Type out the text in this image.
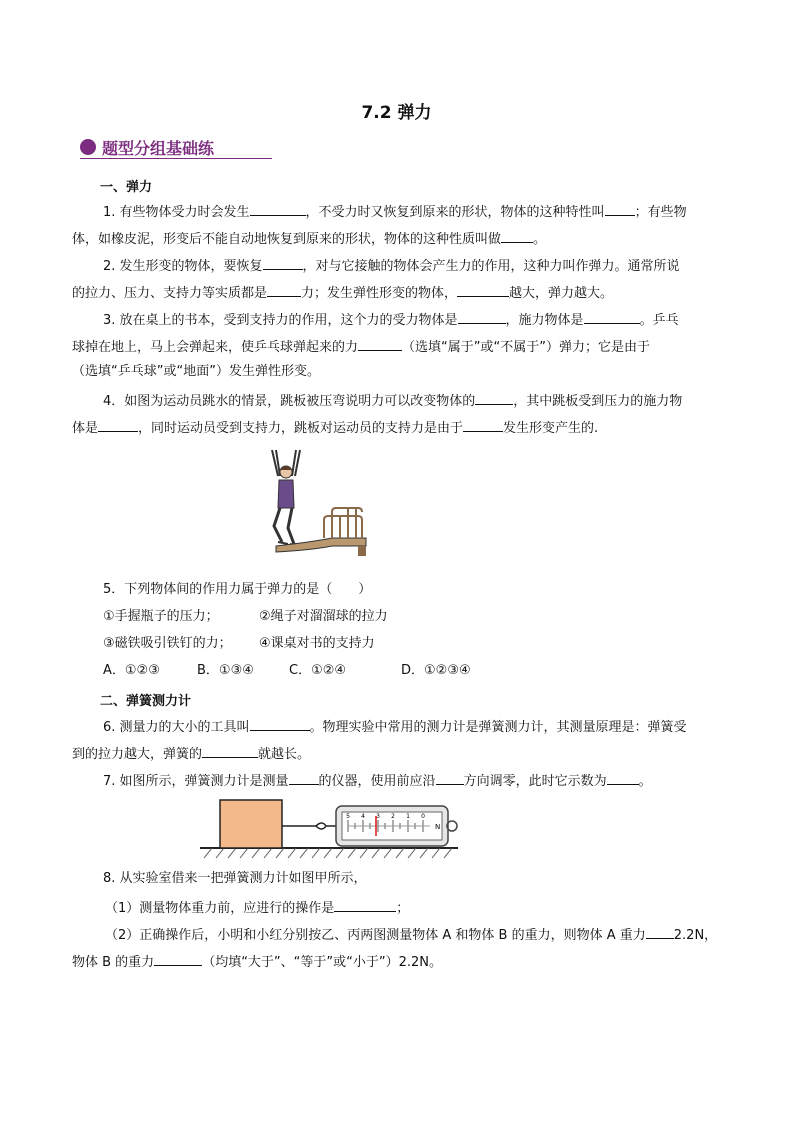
7.2 弹力
题型分组基础练
一、弹力
1. 有些物体受力时会发生	，不受力时又恢复到原来的形状，物体的这种特性叫 ；有些物
体，如橡皮泥，形变后不能自动地恢复到原来的形状，物体的这种性质叫做 。
2. 发生形变的物体，要恢复	，对与它接触的物体会产生力的作用，这种力叫作弹力。通常所说
的拉力、压力、支持力等实质都是	力；发生弹性形变的物体，	越大，弹力越大。
3. 放在桌上的书本，受到支持力的作用，这个力的受力物体是	，施力物体是	。乒乓
球掉在地上，马上会弹起来，使乒乓球弹起来的力	（选填“属于”或“不属于”）弹力；它是由于
（选填“乒乓球”或“地面”）发生弹性形变。
4．如图为运动员跳水的情景，跳板被压弯说明力可以改变物体的	，其中跳板受到压力的施力物
体是	，同时运动员受到支持力，跳板对运动员的支持力是由于	发生形变产生的.
5．下列物体间的作用力属于弹力的是（　　）
①手握瓶子的压力；	②绳子对溜溜球的拉力
③磁铁吸引铁钉的力； ④课桌对书的支持力
A．①②③	B．①③④	C．①②④	D．①②③④
二、弹簧测力计
6. 测量力的大小的工具叫	。物理实验中常用的测力计是弹簧测力计，其测量原理是：弹簧受
到的拉力越大，弹簧的	就越长。
7. 如图所示，弹簧测力计是测量 的仪器，使用前应沿 方向调零，此时它示数为 。
5 4 3 2 1 0
N
8. 从实验室借来一把弹簧测力计如图甲所示，
（1）测量物体重力前，应进行的操作是	；
（2）正确操作后，小明和小红分别按乙、丙两图测量物体 A 和物体 B 的重力，则物体 A 重力 2.2N，
物体 B 的重力	（均填“大于”、“等于”或“小于”）2.2N。
